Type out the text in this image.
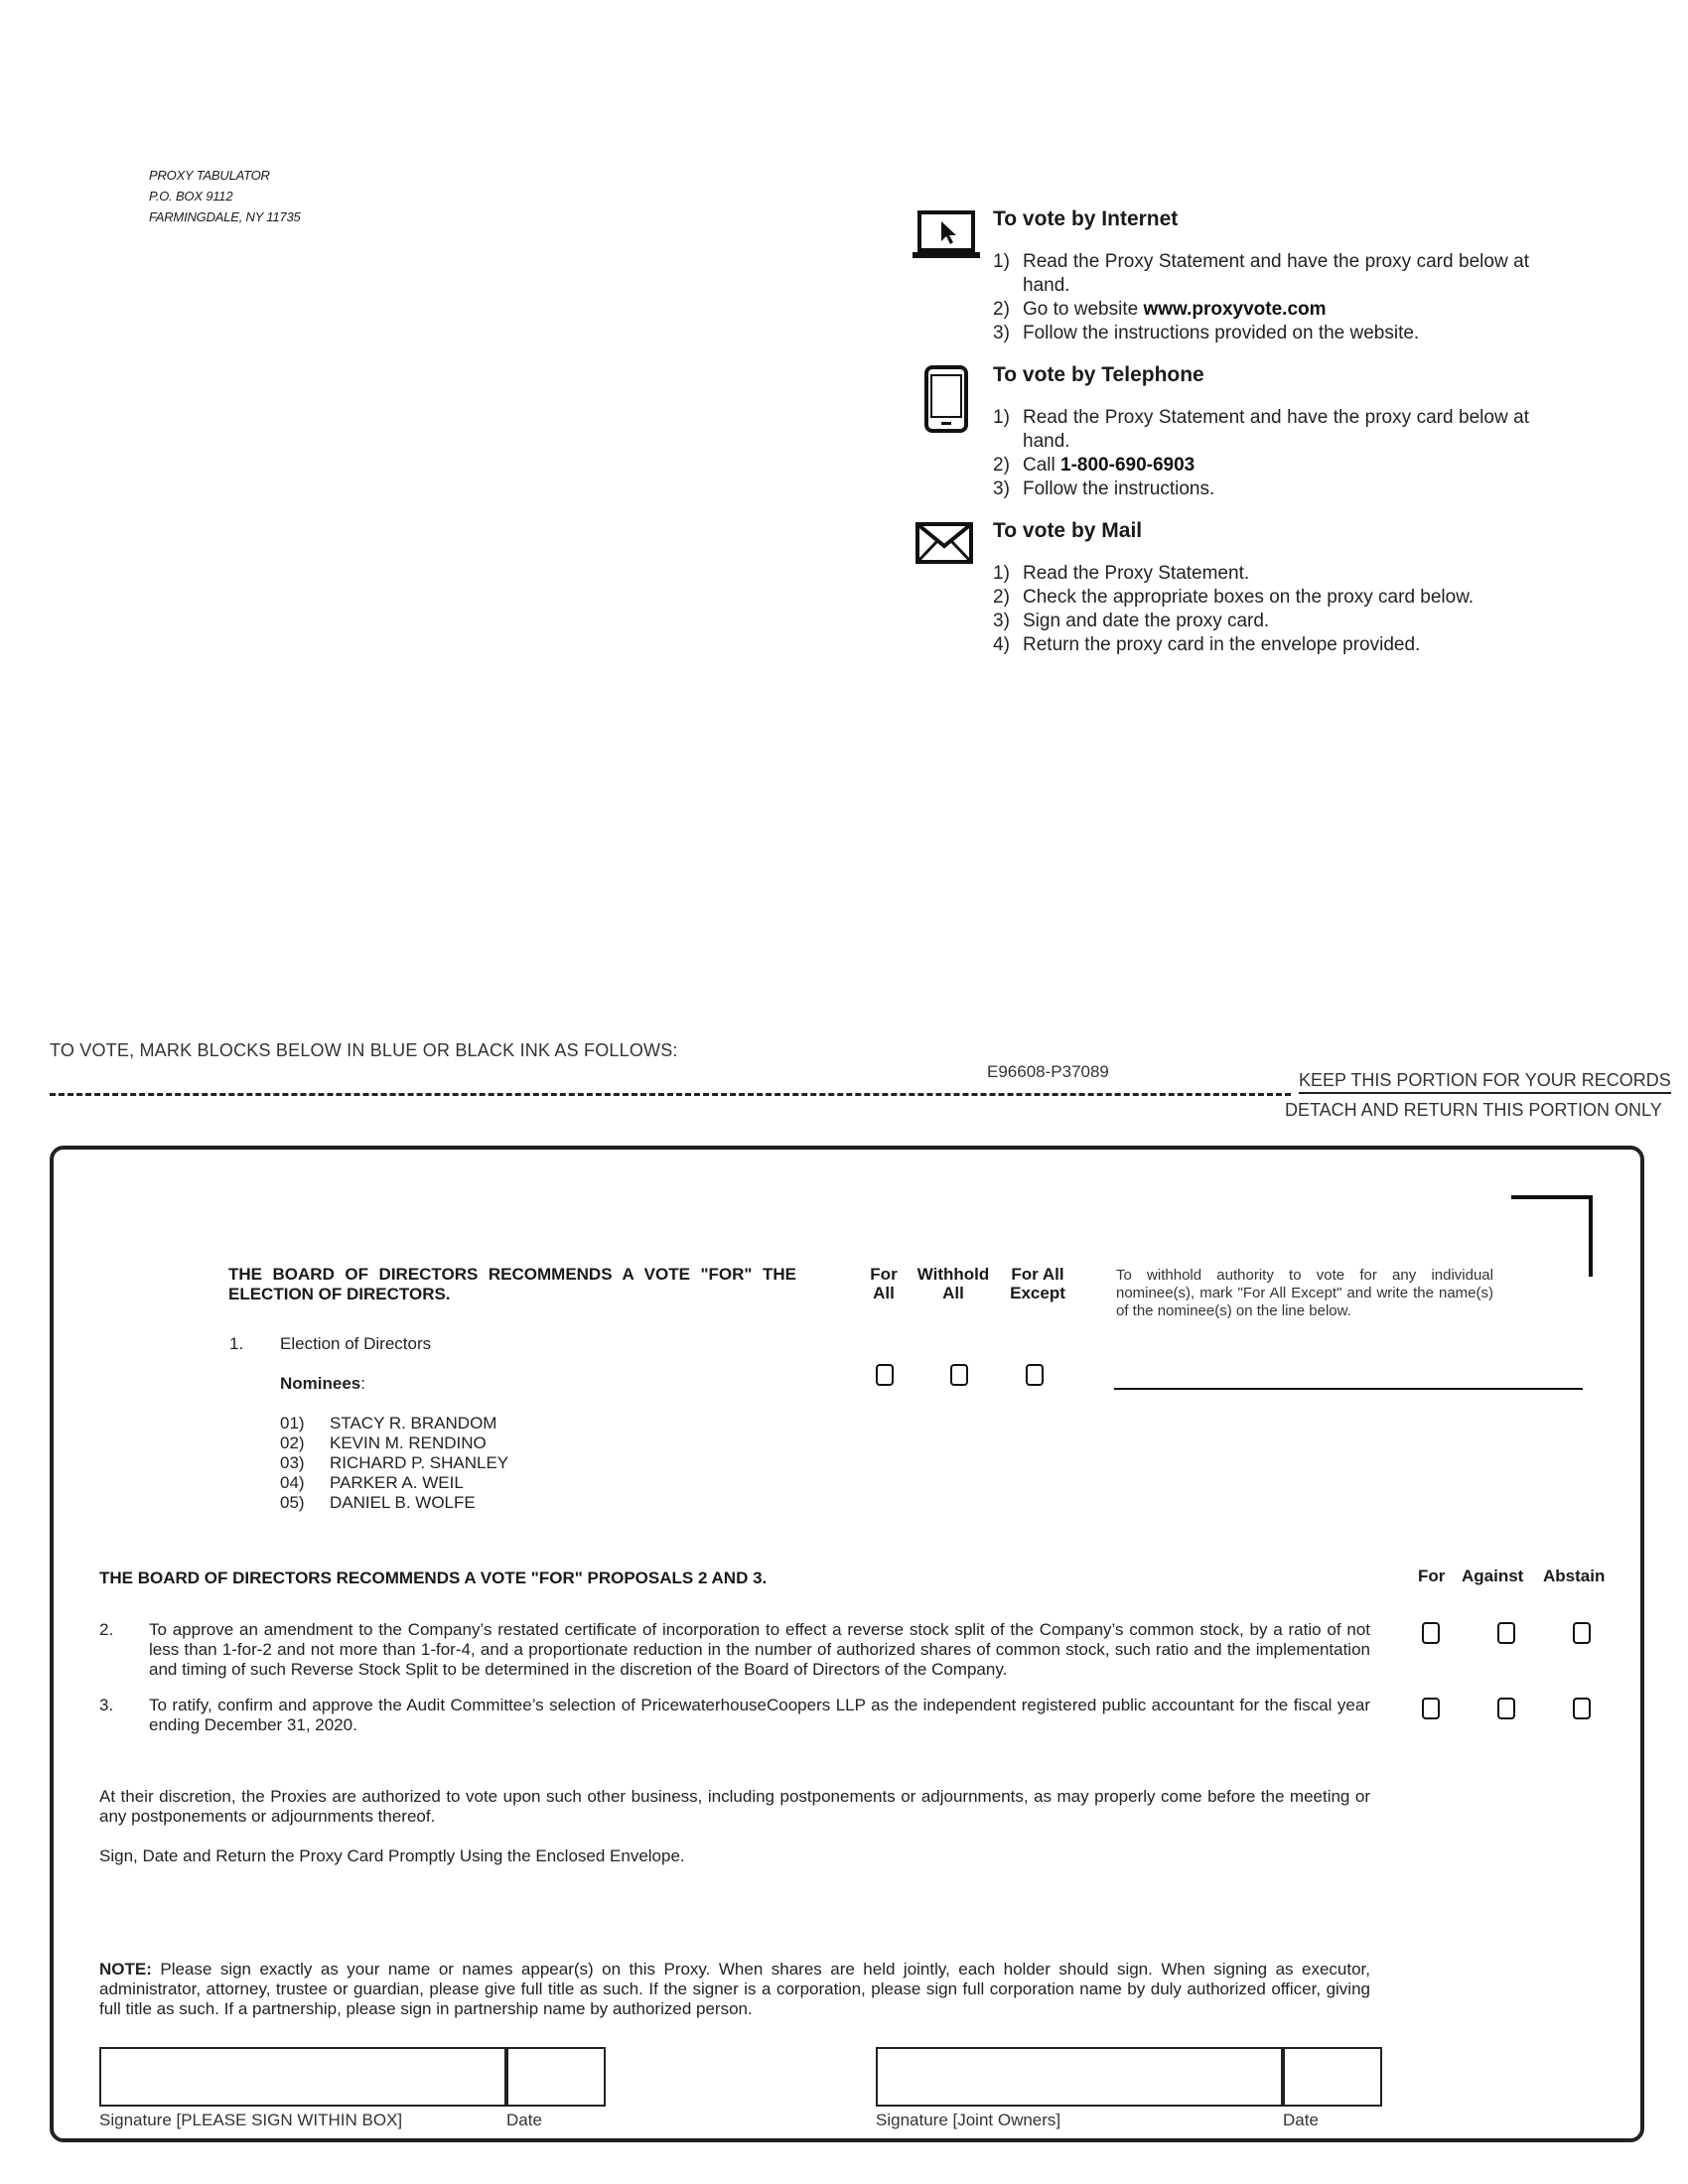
PROXY TABULATOR
P.O. BOX 9112
FARMINGDALE, NY 11735	To vote by Internet
1) Read the Proxy Statement and have the proxy card below at hand.
2) Go to website www.proxyvote.com
3) Follow the instructions provided on the website.
To vote by Telephone
1) Read the Proxy Statement and have the proxy card below at hand.
2) Call 1-800-690-6903
3) Follow the instructions.
To vote by Mail
1) Read the Proxy Statement.
2) Check the appropriate boxes on the proxy card below.
3) Sign and date the proxy card.
4) Return the proxy card in the envelope provided.
TO VOTE, MARK BLOCKS BELOW IN BLUE OR BLACK INK AS FOLLOWS:
E96608-P37089	KEEP THIS PORTION FOR YOUR RECORDS
DETACH AND RETURN THIS PORTION ONLY
THE BOARD OF DIRECTORS RECOMMENDS A VOTE "FOR" THE ELECTION OF DIRECTORS.
For All
Withhold All
For All Except
To withhold authority to vote for any individual nominee(s), mark "For All Except" and write the name(s) of the nominee(s) on the line below.
1. Election of Directors
Nominees:
01) STACY R. BRANDOM
02) KEVIN M. RENDINO
03) RICHARD P. SHANLEY
04) PARKER A. WEIL
05) DANIEL B. WOLFE
THE BOARD OF DIRECTORS RECOMMENDS A VOTE "FOR" PROPOSALS 2 AND 3.	For Against Abstain
2. To approve an amendment to the Company’s restated certificate of incorporation to effect a reverse stock split of the Company’s common stock, by a ratio of not less than 1-for-2 and not more than 1-for-4, and a proportionate reduction in the number of authorized shares of common stock, such ratio and the implementation and timing of such Reverse Stock Split to be determined in the discretion of the Board of Directors of the Company.
3. To ratify, confirm and approve the Audit Committee’s selection of PricewaterhouseCoopers LLP as the independent registered public accountant for the fiscal year ending December 31, 2020.
At their discretion, the Proxies are authorized to vote upon such other business, including postponements or adjournments, as may properly come before the meeting or any postponements or adjournments thereof.
Sign, Date and Return the Proxy Card Promptly Using the Enclosed Envelope.
NOTE: Please sign exactly as your name or names appear(s) on this Proxy. When shares are held jointly, each holder should sign. When signing as executor, administrator, attorney, trustee or guardian, please give full title as such. If the signer is a corporation, please sign full corporation name by duly authorized officer, giving full title as such. If a partnership, please sign in partnership name by authorized person.
Signature [PLEASE SIGN WITHIN BOX]	Date	Signature [Joint Owners]	Date
